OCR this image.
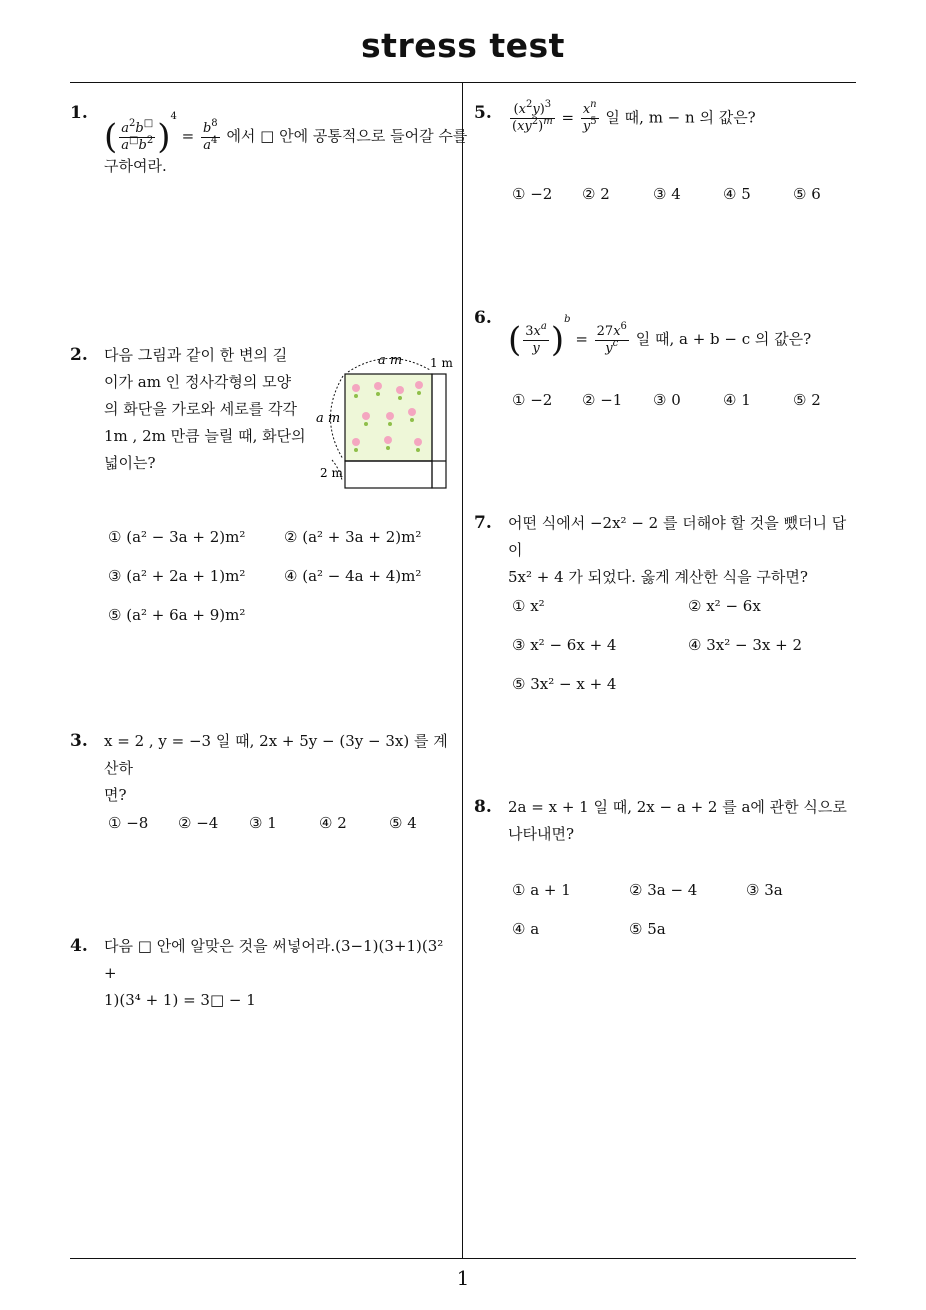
stress test
1
1.
( $\frac{a^2b^□}{a^□b^2} )^4 = \frac{b^8}{a^4}$ 에서 □ 안에 공통적으로 들어갈 수를
구하여라.
2. 다음 그림과 같이 한 변의 길
이가 am 인 정사각형의 모양
의 화단을 가로와 세로를 각각
1m , 2m 만큼 늘릴 때, 화단의
넓이는?
a m 1 m
a m
2 m
① (a² − 3a + 2)m²	② (a² + 3a + 2)m²
③ (a² + 2a + 1)m²	④ (a² − 4a + 4)m²
⑤ (a² + 6a + 9)m²
3. x = 2 , y = −3 일 때, 2x + 5y − (3y − 3x) 를 계산하
면?
① −8 ② −4 ③ 1	④ 2	⑤ 4
4. 다음 □ 안에 알맞은 것을 써넣어라.(3−1)(3+1)(3² +
1)(3⁴ + 1) = 3□ − 1
5. $\frac{(x^2y)^3}{(xy^2)^m} = \frac{x^n}{y^5}$ 일 때, m − n 의 값은?
① −2 ② 2	③ 4	④ 5	⑤ 6
6.
( $\frac{3x^a}{y} )^b = \frac{27x^6}{y^c}$ 일 때, a + b − c 의 값은?
① −2 ② −1 ③ 0	④ 1	⑤ 2
7. 어떤 식에서 −2x² − 2 를 더해야 할 것을 뺐더니 답이
5x² + 4 가 되었다. 옳게 계산한 식을 구하면?
① x²	② x² − 6x
③ x² − 6x + 4	④ 3x² − 3x + 2
⑤ 3x² − x + 4
8. 2a = x + 1 일 때, 2x − a + 2 를 a에 관한 식으로
나타내면?
① a + 1	② 3a − 4	③ 3a
④ a	⑤ 5a
